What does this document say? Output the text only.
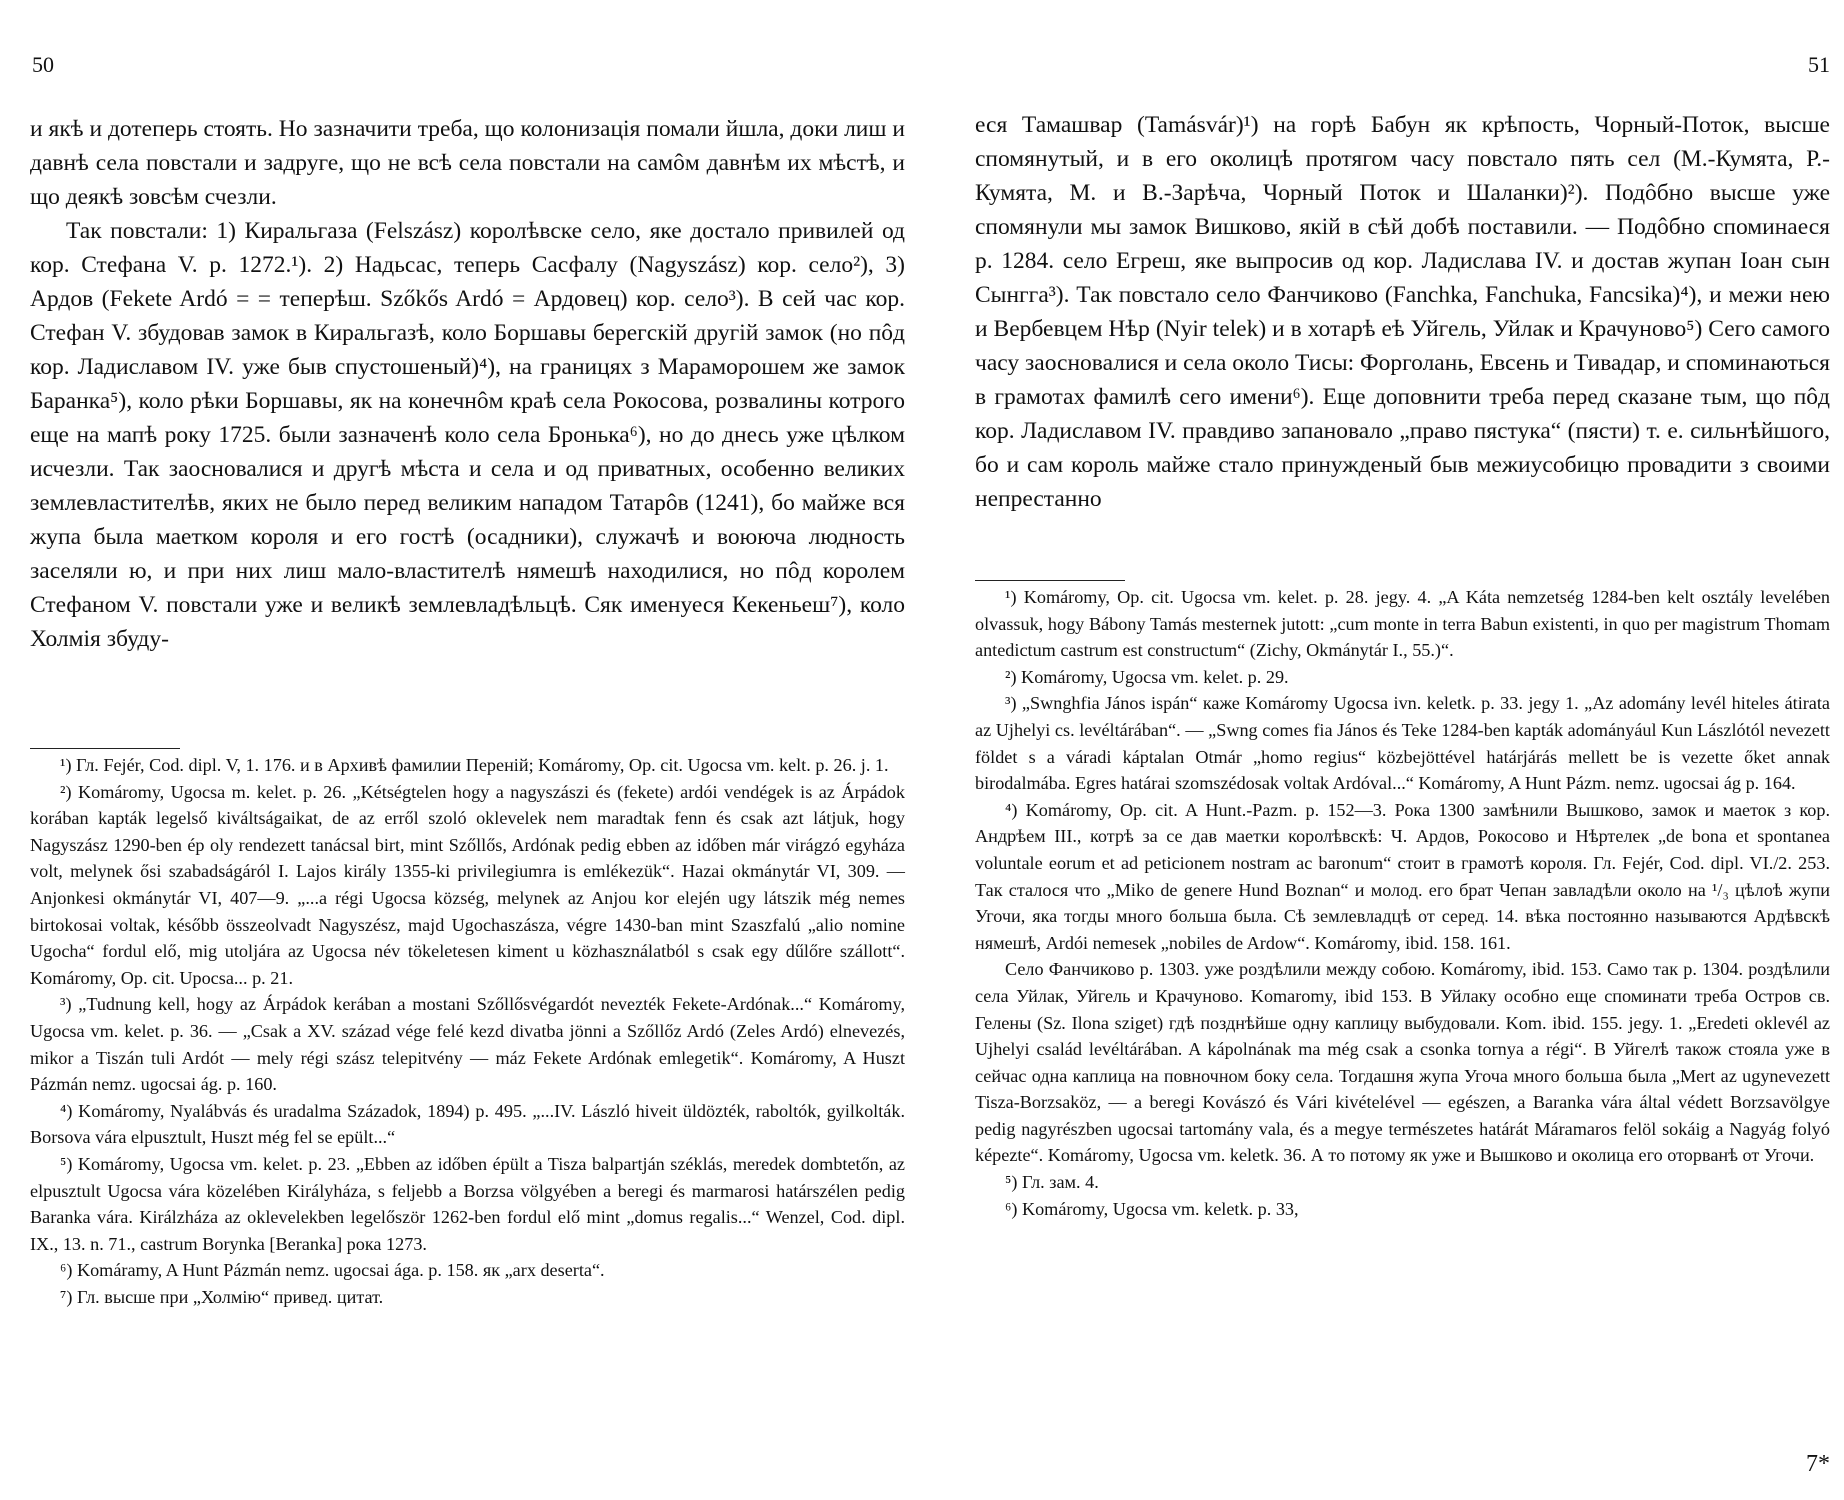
50

и якѣ и дотеперь стоять. Но зазначити треба, що колонизація помали йшла, доки лиш и давнѣ села повстали и задруге, що не всѣ села повстали на самôм давнѣм их мѣстѣ, и що деякѣ зовсѣм счезли.

Так повстали: 1) Киральгаза (Felszász) королѣвске село, яке достало привилей од кор. Стефана V. р. 1272.¹). 2) Надьсас, теперь Сасфалу (Nagyszász) кор. село²), 3) Ардов (Fekete Ardó = = теперѣш. Szőkős Ardó = Ардовец) кор. село³). В сей час кор. Стефан V. збудовав замок в Киральгазѣ, коло Боршавы берегскій другій замок (но пôд кор. Ладиславом IV. уже быв спустошеный)⁴), на границях з Мараморошем же замок Баранка⁵), коло рѣки Боршавы, як на конечнôм краѣ села Рокосова, розвалины котрого еще на мапѣ року 1725. были зазначенѣ коло села Бронька⁶), но до днесь уже цѣлком исчезли. Так заосновалися и другѣ мѣста и села и од приватных, особенно великих землевластителѣв, яких не было перед великим нападом Татарôв (1241), бо майже вся жупа была маетком короля и его гостѣ (осадники), служачѣ и воююча людность заселяли ю, и при них лиш мало-властителѣ нямешѣ находилися, но пôд королем Стефаном V. повстали уже и великѣ землевладѣльцѣ. Сяк именуеся Кекеньеш⁷), коло Холмія збуду-

¹) Гл. Fejér, Cod. dipl. V, 1. 176. и в Архивѣ фамилии Переній; Komáromy, Op. cit. Ugocsa vm. kelt. p. 26. j. 1.

²) Komáromy, Ugocsa m. kelet. p. 26. „Kétségtelen hogy a nagyszászi és (fekete) ardói vendégek is az Árpádok korában kapták legelső kiváltságaikat, de az erről szoló oklevelek nem maradtak fenn és csak azt látjuk, hogy Nagyszász 1290-ben ép oly rendezett tanácsal birt, mint Szőllős, Ardónak pedig ebben az időben már virágzó egyháza volt, melynek ősi szabadságáról I. Lajos király 1355-ki privilegiumra is emlékezük“. Hazai okmánytár VI, 309. — Anjonkesi okmánytár VI, 407—9. „...a régi Ugocsa község, melynek az Anjou kor elején ugy látszik még nemes birtokosai voltak, később összeolvadt Nagyszész, majd Ugochaszásza, végre 1430-ban mint Szaszfalú „alio nomine Ugocha“ fordul elő, mig utoljára az Ugocsa név tökeletesen kiment u közhasználatból s csak egy dűlőre szállott“. Komáromy, Op. cit. Upocsa... p. 21.

³) „Tudnung kell, hogy az Árpádok kerában a mostani Szőllősvégardót nevezték Fekete-Ardónak...“ Komáromy, Ugocsa vm. kelet. p. 36. — „Csak a XV. század vége felé kezd divatba jönni a Szőllőz Ardó (Zeles Ardó) elnevezés, mikor a Tiszán tuli Ardót — mely régi szász telepitvény — máz Fekete Ardónak emlegetik“. Komáromy, A Huszt Pázmán nemz. ugocsai ág. p. 160.

⁴) Komáromy, Nyalábvás és uradalma Századok, 1894) p. 495. „...IV. László hiveit üldözték, raboltók, gyilkolták. Borsova vára elpusztult, Huszt még fel se epült...“

⁵) Komáromy, Ugocsa vm. kelet. p. 23. „Ebben az időben épült a Tisza balpartján széklás, meredek dombtetőn, az elpusztult Ugocsa vára közelében Királyháza, s feljebb a Borzsa völgyében a beregi és marmarosi határszélen pedig Baranka vára. Királzháza az oklevelekben legelőször 1262-ben fordul elő mint „domus regalis...“ Wenzel, Cod. dipl. IX., 13. n. 71., castrum Borynka [Beranka] рока 1273.

⁶) Komárаmy, A Hunt Pázmán nemz. ugocsai ága. p. 158. як „arx deserta“.

⁷) Гл. высше при „Холмію“ привед. цитат.

51

еся Тамашвар (Tamásvár)¹) на горѣ Бабун як крѣпость, Чорный-Поток, высше спомянутый, и в его околицѣ протягом часу повстало пять сел (М.-Кумята, Р.-Кумята, М. и В.-Зарѣча, Чорный Поток и Шаланки)²). Подôбно высше уже спомянули мы замок Вишково, якій в сѣй добѣ поставили. — Подôбно споминаеся р. 1284. село Егреш, яке выпросив од кор. Ладислава IV. и достав жупан Іоан сын Сынгга³). Так повстало село Фанчиково (Fanchka, Fanchuka, Fancsika)⁴), и межи нею и Вербевцем Нѣр (Nyir telek) и в хотарѣ еѣ Уйгель, Уйлак и Крачуново⁵) Сего самого часу заосновалися и села около Тисы: Форголань, Евсень и Тивадар, и споминаються в грамотах фамилѣ сего имени⁶). Еще доповнити треба перед сказане тым, що пôд кор. Ладиславом IV. правдиво запановало „право пястука“ (пясти) т. е. сильнѣйшого, бо и сам король майже стало принужденый быв межиусобицю провадити з своими непрестанно

¹) Komáromy, Op. cit. Ugocsa vm. kelet. p. 28. jegy. 4. „A Káta nemzetség 1284-ben kelt osztály levelében olvassuk, hogy Bábony Tamás mesternek jutott: „cum monte in terra Babun existenti, in quo per magistrum Thomam antedictum castrum est constructum“ (Zichy, Okmánytár I., 55.)“.

²) Komáromy, Ugocsa vm. kelet. p. 29.

³) „Swnghfia János ispán“ каже Komáromy Ugocsa ivn. keletk. p. 33. jegy 1. „Az adomány levél hiteles átirata az Ujhelyi cs. levéltárában“. — „Swng comes fia János és Teke 1284-ben kapták adományául Kun Lászlótól nevezett földet s a váradi káptalan Otmár „homo regius“ közbejöttével határjárás mellett be is vezette őket annak birodalmába. Egres határai szomszédosak voltak Ardóval...“ Komáromy, A Hunt Pázm. nemz. ugocsai ág p. 164.

⁴) Komáromy, Op. cit. A Hunt.-Pazm. p. 152—3. Рока 1300 замѣнили Вышково, замок и маеток з кор. Андрѣем III., котрѣ за се дав маетки королѣвскѣ: Ч. Ардов, Рокосово и Нѣртелек „de bona et spontanea voluntale eorum et ad peticionem nostram ac baronum“ стоит в грамотѣ короля. Гл. Fejér, Cod. dipl. VI./2. 253. Так сталося что „Miko de genere Hund Boznan“ и молод. его брат Чепан завладѣли около на ¹/₃ цѣлоѣ жупи Угочи, яка тогды много больша была. Сѣ землевладцѣ от серед. 14. вѣка постоянно называются Ардѣвскѣ нямешѣ, Ardói nemesek „nobiles de Ardow“. Komáromy, ibid. 158. 161.

Село Фанчиково р. 1303. уже роздѣлили между собою. Komáromy, ibid. 153. Само так р. 1304. роздѣлили села Уйлак, Уйгель и Крачуново. Komaromy, ibid 153. В Уйлаку особно еще споминати треба Остров св. Гелены (Sz. Ilona sziget) гдѣ позднѣйше одну каплицу выбудовали. Kom. ibid. 155. jegy. 1. „Eredeti oklevél az Ujhelyi család levéltárában. A kápolnának ma még csak a csonka tornya a régi“. В Уйгелѣ також стояла уже в сейчас одна каплица на повночном боку села. Тогдашня жупа Угоча много больша была „Mert az ugynevezett Tisza-Borzsaköz, — a beregi Kovászó és Vári kivételével — egészen, a Baranka vára által védett Borzsavölgye pedig nagyrészben ugocsai tartomány vala, és a megye természetes határát Máramaros felöl sokáig a Nagyág folyó képezte“. Komáromy, Ugocsa vm. keletk. 36. А то потому як уже и Вышково и околица его оторванѣ от Угочи.

⁵) Гл. зам. 4.

⁶) Komáromy, Ugocsa vm. keletk. p. 33,

7*
